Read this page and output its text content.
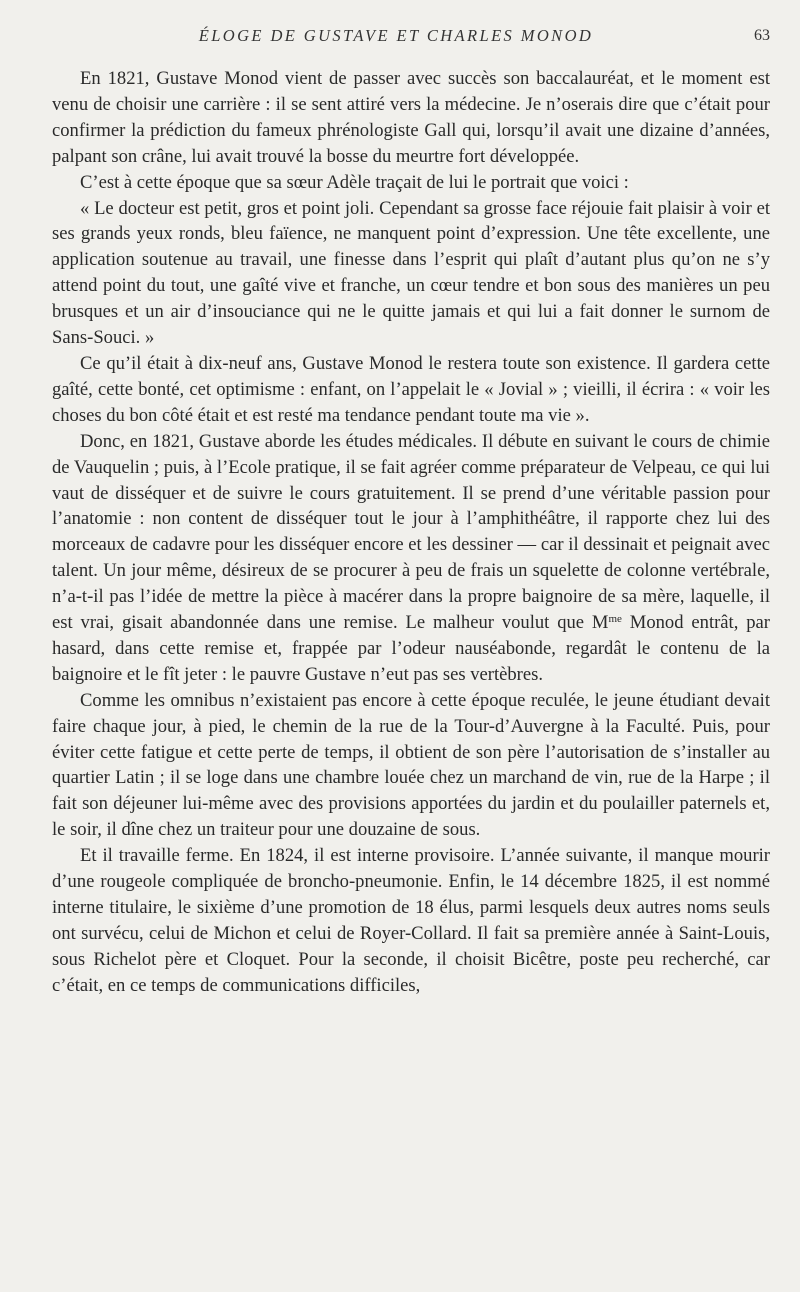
ÉLOGE DE GUSTAVE ET CHARLES MONOD	63

En 1821, Gustave Monod vient de passer avec succès son baccalauréat, et le moment est venu de choisir une carrière : il se sent attiré vers la médecine. Je n’oserais dire que c’était pour confirmer la prédiction du fameux phrénologiste Gall qui, lorsqu’il avait une dizaine d’années, palpant son crâne, lui avait trouvé la bosse du meurtre fort développée.

C’est à cette époque que sa sœur Adèle traçait de lui le portrait que voici :

« Le docteur est petit, gros et point joli. Cependant sa grosse face réjouie fait plaisir à voir et ses grands yeux ronds, bleu faïence, ne manquent point d’expression. Une tête excellente, une application soutenue au travail, une finesse dans l’esprit qui plaît d’autant plus qu’on ne s’y attend point du tout, une gaîté vive et franche, un cœur tendre et bon sous des manières un peu brusques et un air d’insouciance qui ne le quitte jamais et qui lui a fait donner le surnom de Sans-Souci. »

Ce qu’il était à dix-neuf ans, Gustave Monod le restera toute son existence. Il gardera cette gaîté, cette bonté, cet optimisme : enfant, on l’appelait le « Jovial » ; vieilli, il écrira : « voir les choses du bon côté était et est resté ma tendance pendant toute ma vie ».

Donc, en 1821, Gustave aborde les études médicales. Il débute en suivant le cours de chimie de Vauquelin ; puis, à l’Ecole pratique, il se fait agréer comme préparateur de Velpeau, ce qui lui vaut de disséquer et de suivre le cours gratuitement. Il se prend d’une véritable passion pour l’anatomie : non content de disséquer tout le jour à l’amphithéâtre, il rapporte chez lui des morceaux de cadavre pour les disséquer encore et les dessiner — car il dessinait et peignait avec talent. Un jour même, désireux de se procurer à peu de frais un squelette de colonne vertébrale, n’a-t-il pas l’idée de mettre la pièce à macérer dans la propre baignoire de sa mère, laquelle, il est vrai, gisait abandonnée dans une remise. Le malheur voulut que $M^{me}$ Monod entrât, par hasard, dans cette remise et, frappée par l’odeur nauséabonde, regardât le contenu de la baignoire et le fît jeter : le pauvre Gustave n’eut pas ses vertèbres.

Comme les omnibus n’existaient pas encore à cette époque reculée, le jeune étudiant devait faire chaque jour, à pied, le chemin de la rue de la Tour-d’Auvergne à la Faculté. Puis, pour éviter cette fatigue et cette perte de temps, il obtient de son père l’autorisation de s’installer au quartier Latin ; il se loge dans une chambre louée chez un marchand de vin, rue de la Harpe ; il fait son déjeuner lui-même avec des provisions apportées du jardin et du poulailler paternels et, le soir, il dîne chez un traiteur pour une douzaine de sous.

Et il travaille ferme. En 1824, il est interne provisoire. L’année suivante, il manque mourir d’une rougeole compliquée de broncho-pneumonie. Enfin, le 14 décembre 1825, il est nommé interne titulaire, le sixième d’une promotion de 18 élus, parmi lesquels deux autres noms seuls ont survécu, celui de Michon et celui de Royer-Collard. Il fait sa première année à Saint-Louis, sous Richelot père et Cloquet. Pour la seconde, il choisit Bicêtre, poste peu recherché, car c’était, en ce temps de communications difficiles,
